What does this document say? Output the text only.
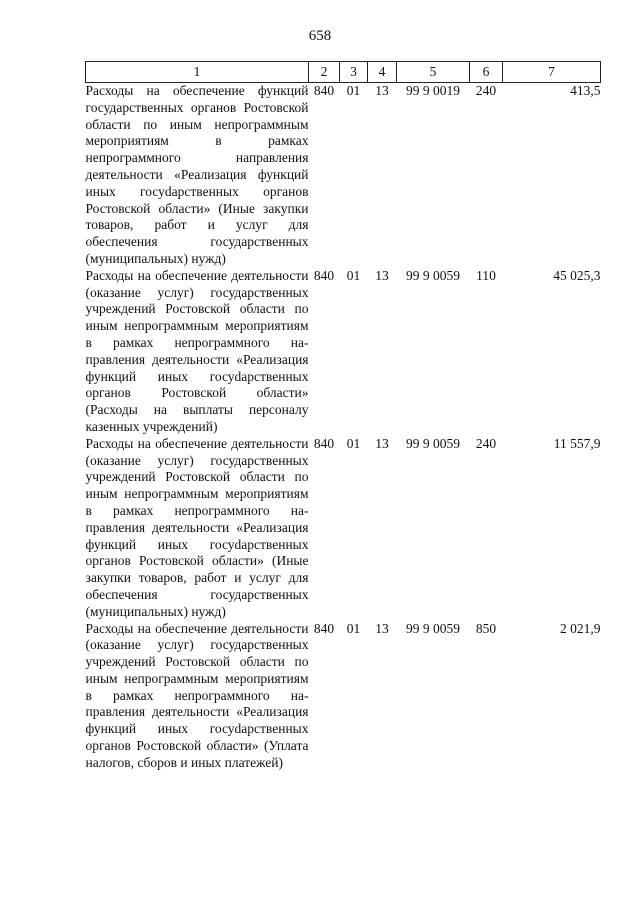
658
1	2	3	4	5	6	7
Расходы на обеспечение функций государственных органов Ростовской области по иным непрограммным мероприятиям в рамках непрограммного направления деятельности «Реализация функций иных госуdарственных органов Ростовской области» (Иные закупки товаров, работ и услуг для обеспечения государственных (муниципальных) нужд)	840	01	13	99 9 0019	240	413,5
Расходы на обеспечение деятельности (оказание услуг) государственных учреждений Ростовской области по иным непрограммным мероприятиям в рамках непрограммного направления деятельности «Реализация функций иных госуdарственных органов Ростовской области» (Расходы на выплаты персоналу казенных учреждений)	840	01	13	99 9 0059	110	45 025,3
Расходы на обеспечение деятельности (оказание услуг) государственных учреждений Ростовской области по иным непрограммным мероприятиям в рамках непрограммного направления деятельности «Реализация функций иных госуdарственных органов Ростовской области» (Иные закупки товаров, работ и услуг для обеспечения государственных (муниципальных) нужд)	840	01	13	99 9 0059	240	11 557,9
Расходы на обеспечение деятельности (оказание услуг) государственных учреждений Ростовской области по иным непрограммным мероприятиям в рамках непрограммного направления деятельности «Реализация функций иных госуdарственных органов Ростовской области» (Уплата налогов, сборов и иных платежей)	840	01	13	99 9 0059	850	2 021,9
